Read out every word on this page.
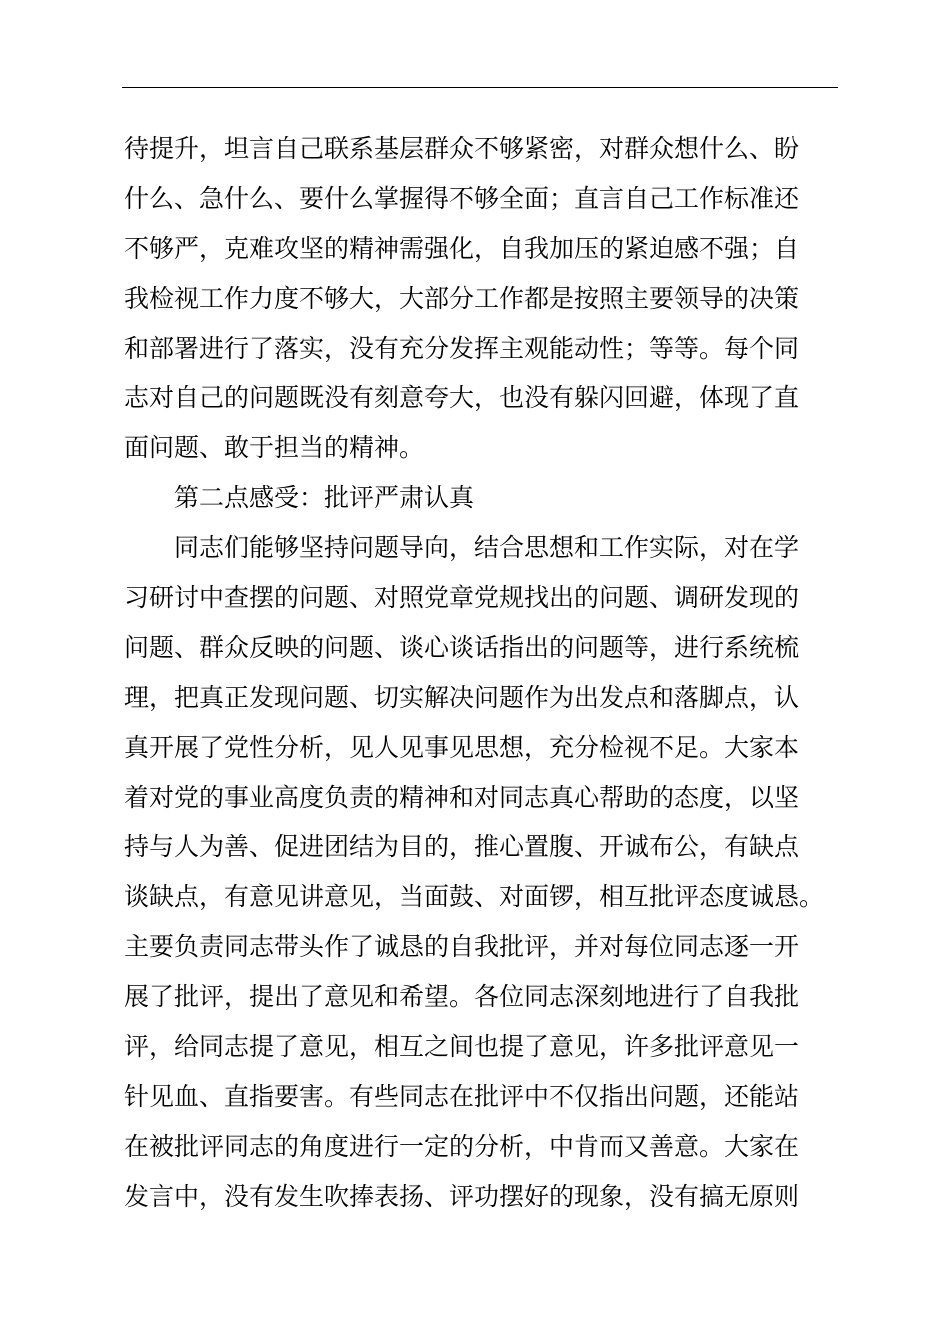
待提升，坦言自己联系基层群众不够紧密，对群众想什么、盼
什么、急什么、要什么掌握得不够全面；直言自己工作标准还
不够严，克难攻坚的精神需强化，自我加压的紧迫感不强；自
我检视工作力度不够大，大部分工作都是按照主要领导的决策
和部署进行了落实，没有充分发挥主观能动性；等等。每个同
志对自己的问题既没有刻意夸大，也没有躲闪回避，体现了直
面问题、敢于担当的精神。
第二点感受：批评严肃认真
同志们能够坚持问题导向，结合思想和工作实际，对在学
习研讨中查摆的问题、对照党章党规找出的问题、调研发现的
问题、群众反映的问题、谈心谈话指出的问题等，进行系统梳
理，把真正发现问题、切实解决问题作为出发点和落脚点，认
真开展了党性分析，见人见事见思想，充分检视不足。大家本
着对党的事业高度负责的精神和对同志真心帮助的态度，以坚
持与人为善、促进团结为目的，推心置腹、开诚布公，有缺点
谈缺点，有意见讲意见，当面鼓、对面锣，相互批评态度诚恳。
主要负责同志带头作了诚恳的自我批评，并对每位同志逐一开
展了批评，提出了意见和希望。各位同志深刻地进行了自我批
评，给同志提了意见，相互之间也提了意见，许多批评意见一
针见血、直指要害。有些同志在批评中不仅指出问题，还能站
在被批评同志的角度进行一定的分析，中肯而又善意。大家在
发言中，没有发生吹捧表扬、评功摆好的现象，没有搞无原则
